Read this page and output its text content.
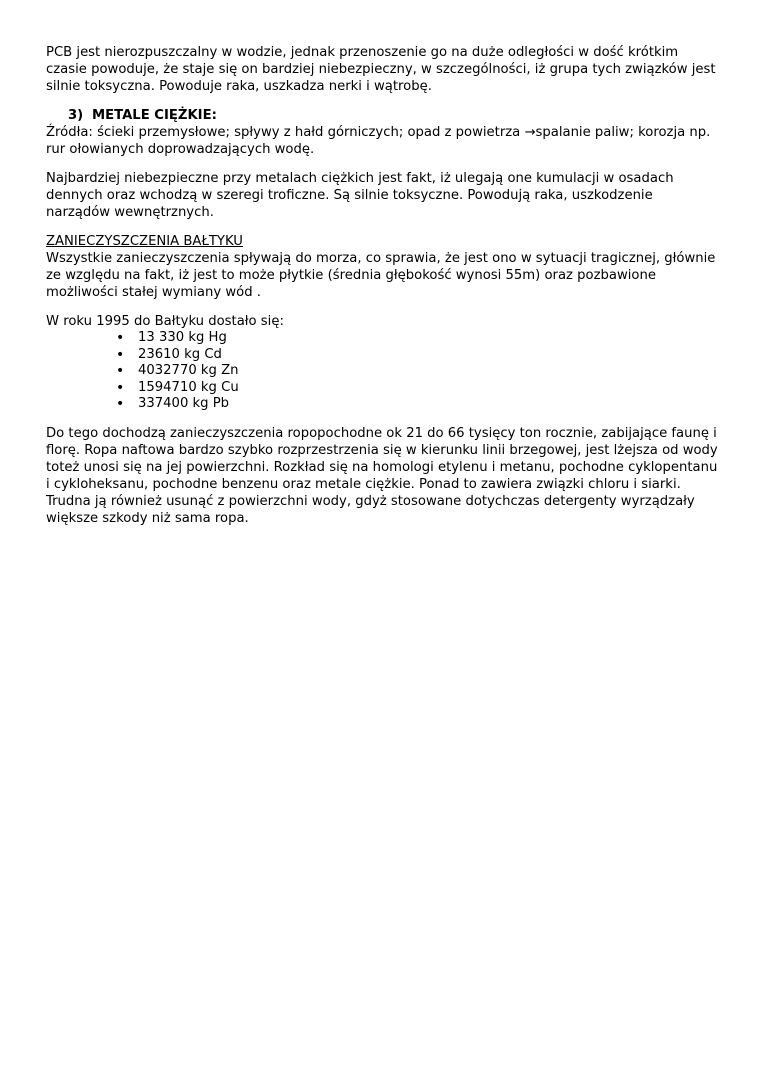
PCB jest nierozpuszczalny w wodzie, jednak przenoszenie go na duże odległości w dość krótkim czasie powoduje, że staje się on bardziej niebezpieczny, w szczególności, iż grupa tych związków jest silnie toksyczna. Powoduje raka, uszkadza nerki i wątrobę.

3) METALE CIĘŻKIE:

Źródła: ścieki przemysłowe; spływy z hałd górniczych; opad z powietrza →spalanie paliw; korozja np.
rur ołowianych doprowadzających wodę.

Najbardziej niebezpieczne przy metalach ciężkich jest fakt, iż ulegają one kumulacji w osadach dennych oraz wchodzą w szeregi troficzne. Są silnie toksyczne. Powodują raka, uszkodzenie narządów wewnętrznych.

ZANIECZYSZCZENIA BAŁTYKU

Wszystkie zanieczyszczenia spływają do morza, co sprawia, że jest ono w sytuacji tragicznej, głównie ze względu na fakt, iż jest to może płytkie (średnia głębokość wynosi 55m) oraz pozbawione możliwości stałej wymiany wód .

W roku 1995 do Bałtyku dostało się:

• 13 330 kg Hg
• 23610 kg Cd
• 4032770 kg Zn
• 1594710 kg Cu
• 337400 kg Pb

Do tego dochodzą zanieczyszczenia ropopochodne ok 21 do 66 tysięcy ton rocznie, zabijające faunę i florę. Ropa naftowa bardzo szybko rozprzestrzenia się w kierunku linii brzegowej, jest lżejsza od wody toteż unosi się na jej powierzchni. Rozkład się na homologi etylenu i metanu, pochodne cyklopentanu i cykloheksanu, pochodne benzenu oraz metale ciężkie. Ponad to zawiera związki chloru i siarki. Trudna ją również usunąć z powierzchni wody, gdyż stosowane dotychczas detergenty wyrządzały większe szkody niż sama ropa.
